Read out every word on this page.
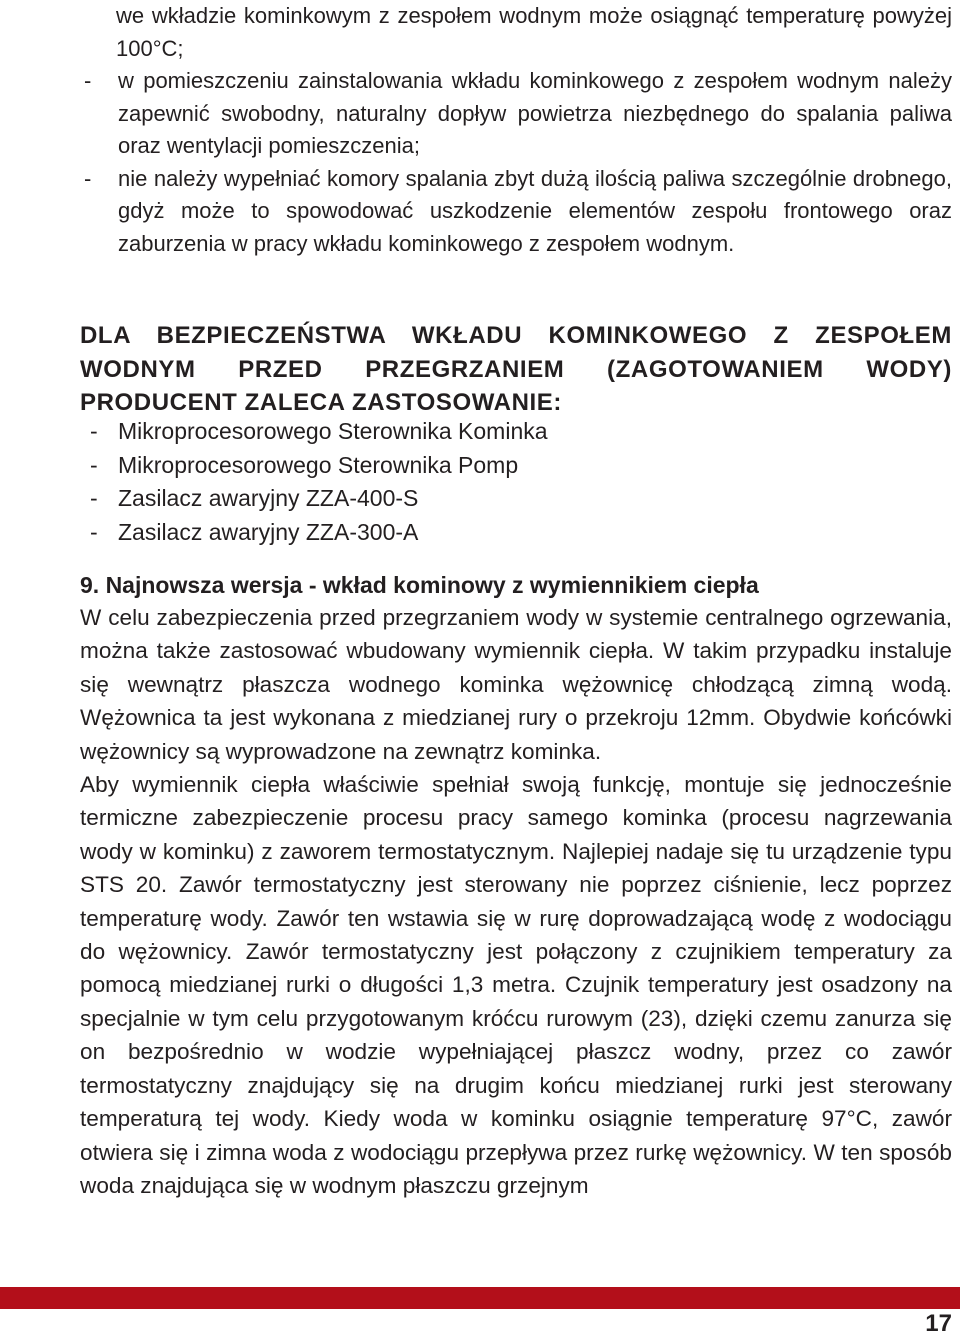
we wkładzie kominkowym z zespołem wodnym może osiągnąć temperaturę powyżej 100°C;

- w pomieszczeniu zainstalowania wkładu kominkowego z zespołem wodnym należy zapewnić swobodny, naturalny dopływ powietrza niezbędnego do spalania paliwa oraz wentylacji pomieszczenia;

- nie należy wypełniać komory spalania zbyt dużą ilością paliwa szczególnie drobnego, gdyż może to spowodować uszkodzenie elementów zespołu frontowego oraz zaburzenia w pracy wkładu kominkowego z zespołem wodnym.

DLA BEZPIECZEŃSTWA WKŁADU KOMINKOWEGO Z ZESPOŁEM WODNYM PRZED PRZEGRZANIEM (ZAGOTOWANIEM WODY) PRODUCENT ZALECA ZASTOSOWANIE:

- Mikroprocesorowego Sterownika Kominka
- Mikroprocesorowego Sterownika Pomp
- Zasilacz awaryjny ZZA-400-S
- Zasilacz awaryjny ZZA-300-A
9. Najnowsza wersja - wkład kominowy z wymiennikiem ciepła

W celu zabezpieczenia przed przegrzaniem wody w systemie centralnego ogrzewania, można także zastosować wbudowany wymiennik ciepła. W takim przypadku instaluje się wewnątrz płaszcza wodnego kominka wężownicę chłodzącą zimną wodą. Wężownica ta jest wykonana z miedzianej rury o przekroju 12mm. Obydwie końcówki wężownicy są wyprowadzone na zewnątrz kominka.

Aby wymiennik ciepła właściwie spełniał swoją funkcję, montuje się jednocześnie termiczne zabezpieczenie procesu pracy samego kominka (procesu nagrzewania wody w kominku) z zaworem termostatycznym. Najlepiej nadaje się tu urządzenie typu STS 20. Zawór termostatyczny jest sterowany nie poprzez ciśnienie, lecz poprzez temperaturę wody. Zawór ten wstawia się w rurę doprowadzającą wodę z wodociągu do wężownicy. Zawór termostatyczny jest połączony z czujnikiem temperatury za pomocą miedzianej rurki o długości 1,3 metra. Czujnik temperatury jest osadzony na specjalnie w tym celu przygotowanym króćcu rurowym (23), dzięki czemu zanurza się on bezpośrednio w wodzie wypełniającej płaszcz wodny, przez co zawór termostatyczny znajdujący się na drugim końcu miedzianej rurki jest sterowany temperaturą tej wody. Kiedy woda w kominku osiągnie temperaturę 97°C, zawór otwiera się i zimna woda z wodociągu przepływa przez rurkę wężownicy. W ten sposób woda znajdująca się w wodnym płaszczu grzejnym

17
